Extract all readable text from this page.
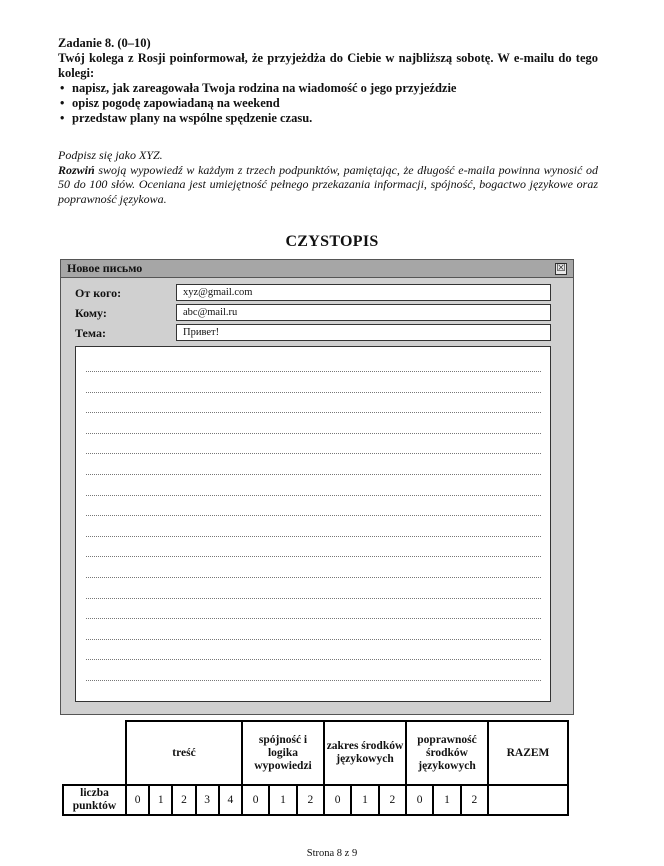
Zadanie 8. (0–10)
Twój kolega z Rosji poinformował, że przyjeżdża do Ciebie w najbliższą sobotę. W e-mailu do tego kolegi:
• napisz, jak zareagowała Twoja rodzina na wiadomość o jego przyjeździe
• opisz pogodę zapowiadaną na weekend
• przedstaw plany na wspólne spędzenie czasu.
Podpisz się jako XYZ.
Rozwiń swoją wypowiedź w każdym z trzech podpunktów, pamiętając, że długość e-maila powinna wynosić od 50 do 100 słów. Oceniana jest umiejętność pełnego przekazania informacji, spójność, bogactwo językowe oraz poprawność językowa.
CZYSTOPIS
Новое письмо	☒
От кого:	xyz@gmail.com
Кому:	abc@mail.ru
Тема:	Привет!
	treść					spójność i logika wypowiedzi			zakres środków językowych			poprawność środków językowych			RAZEM
liczba punktów	0	1	2	3	4	0	1	2	0	1	2	0	1	2	
Strona 8 z 9
